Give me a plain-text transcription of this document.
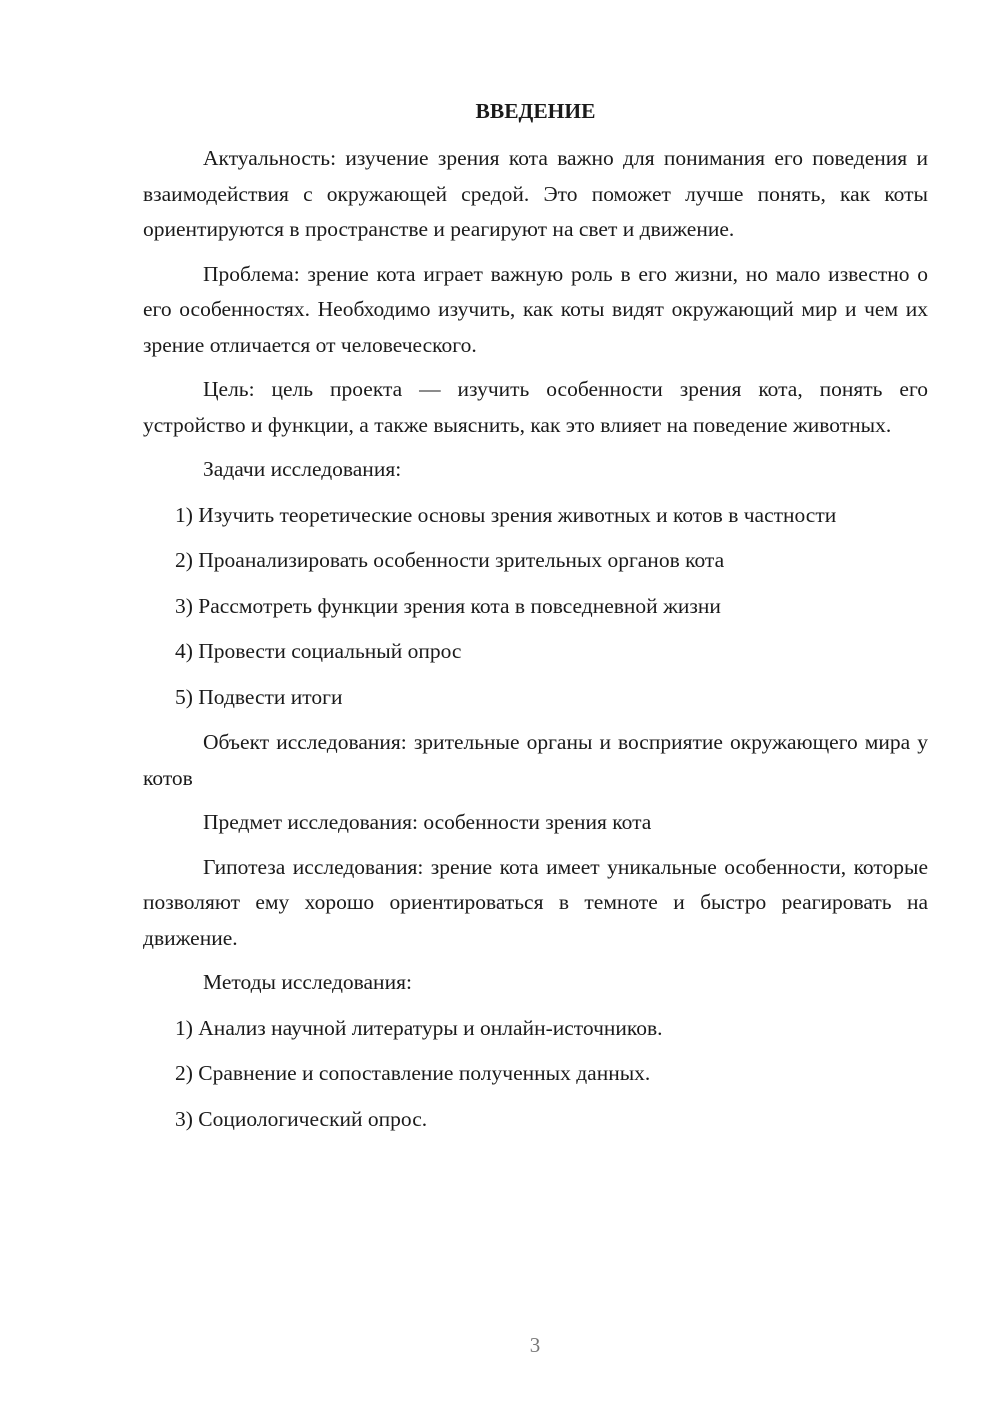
ВВЕДЕНИЕ

Актуальность: изучение зрения кота важно для понимания его поведения и взаимодействия с окружающей средой. Это поможет лучше понять, как коты ориентируются в пространстве и реагируют на свет и движение.

Проблема: зрение кота играет важную роль в его жизни, но мало известно о его особенностях. Необходимо изучить, как коты видят окружающий мир и чем их зрение отличается от человеческого.

Цель: цель проекта — изучить особенности зрения кота, понять его устройство и функции, а также выяснить, как это влияет на поведение животных.

Задачи исследования:

1) Изучить теоретические основы зрения животных и котов в частности

2) Проанализировать особенности зрительных органов кота

3) Рассмотреть функции зрения кота в повседневной жизни

4) Провести социальный опрос

5) Подвести итоги

Объект исследования: зрительные органы и восприятие окружающего мира у котов

Предмет исследования: особенности зрения кота

Гипотеза исследования: зрение кота имеет уникальные особенности, которые позволяют ему хорошо ориентироваться в темноте и быстро реагировать на движение.

Методы исследования:

1) Анализ научной литературы и онлайн-источников.

2) Сравнение и сопоставление полученных данных.

3) Социологический опрос.

3
